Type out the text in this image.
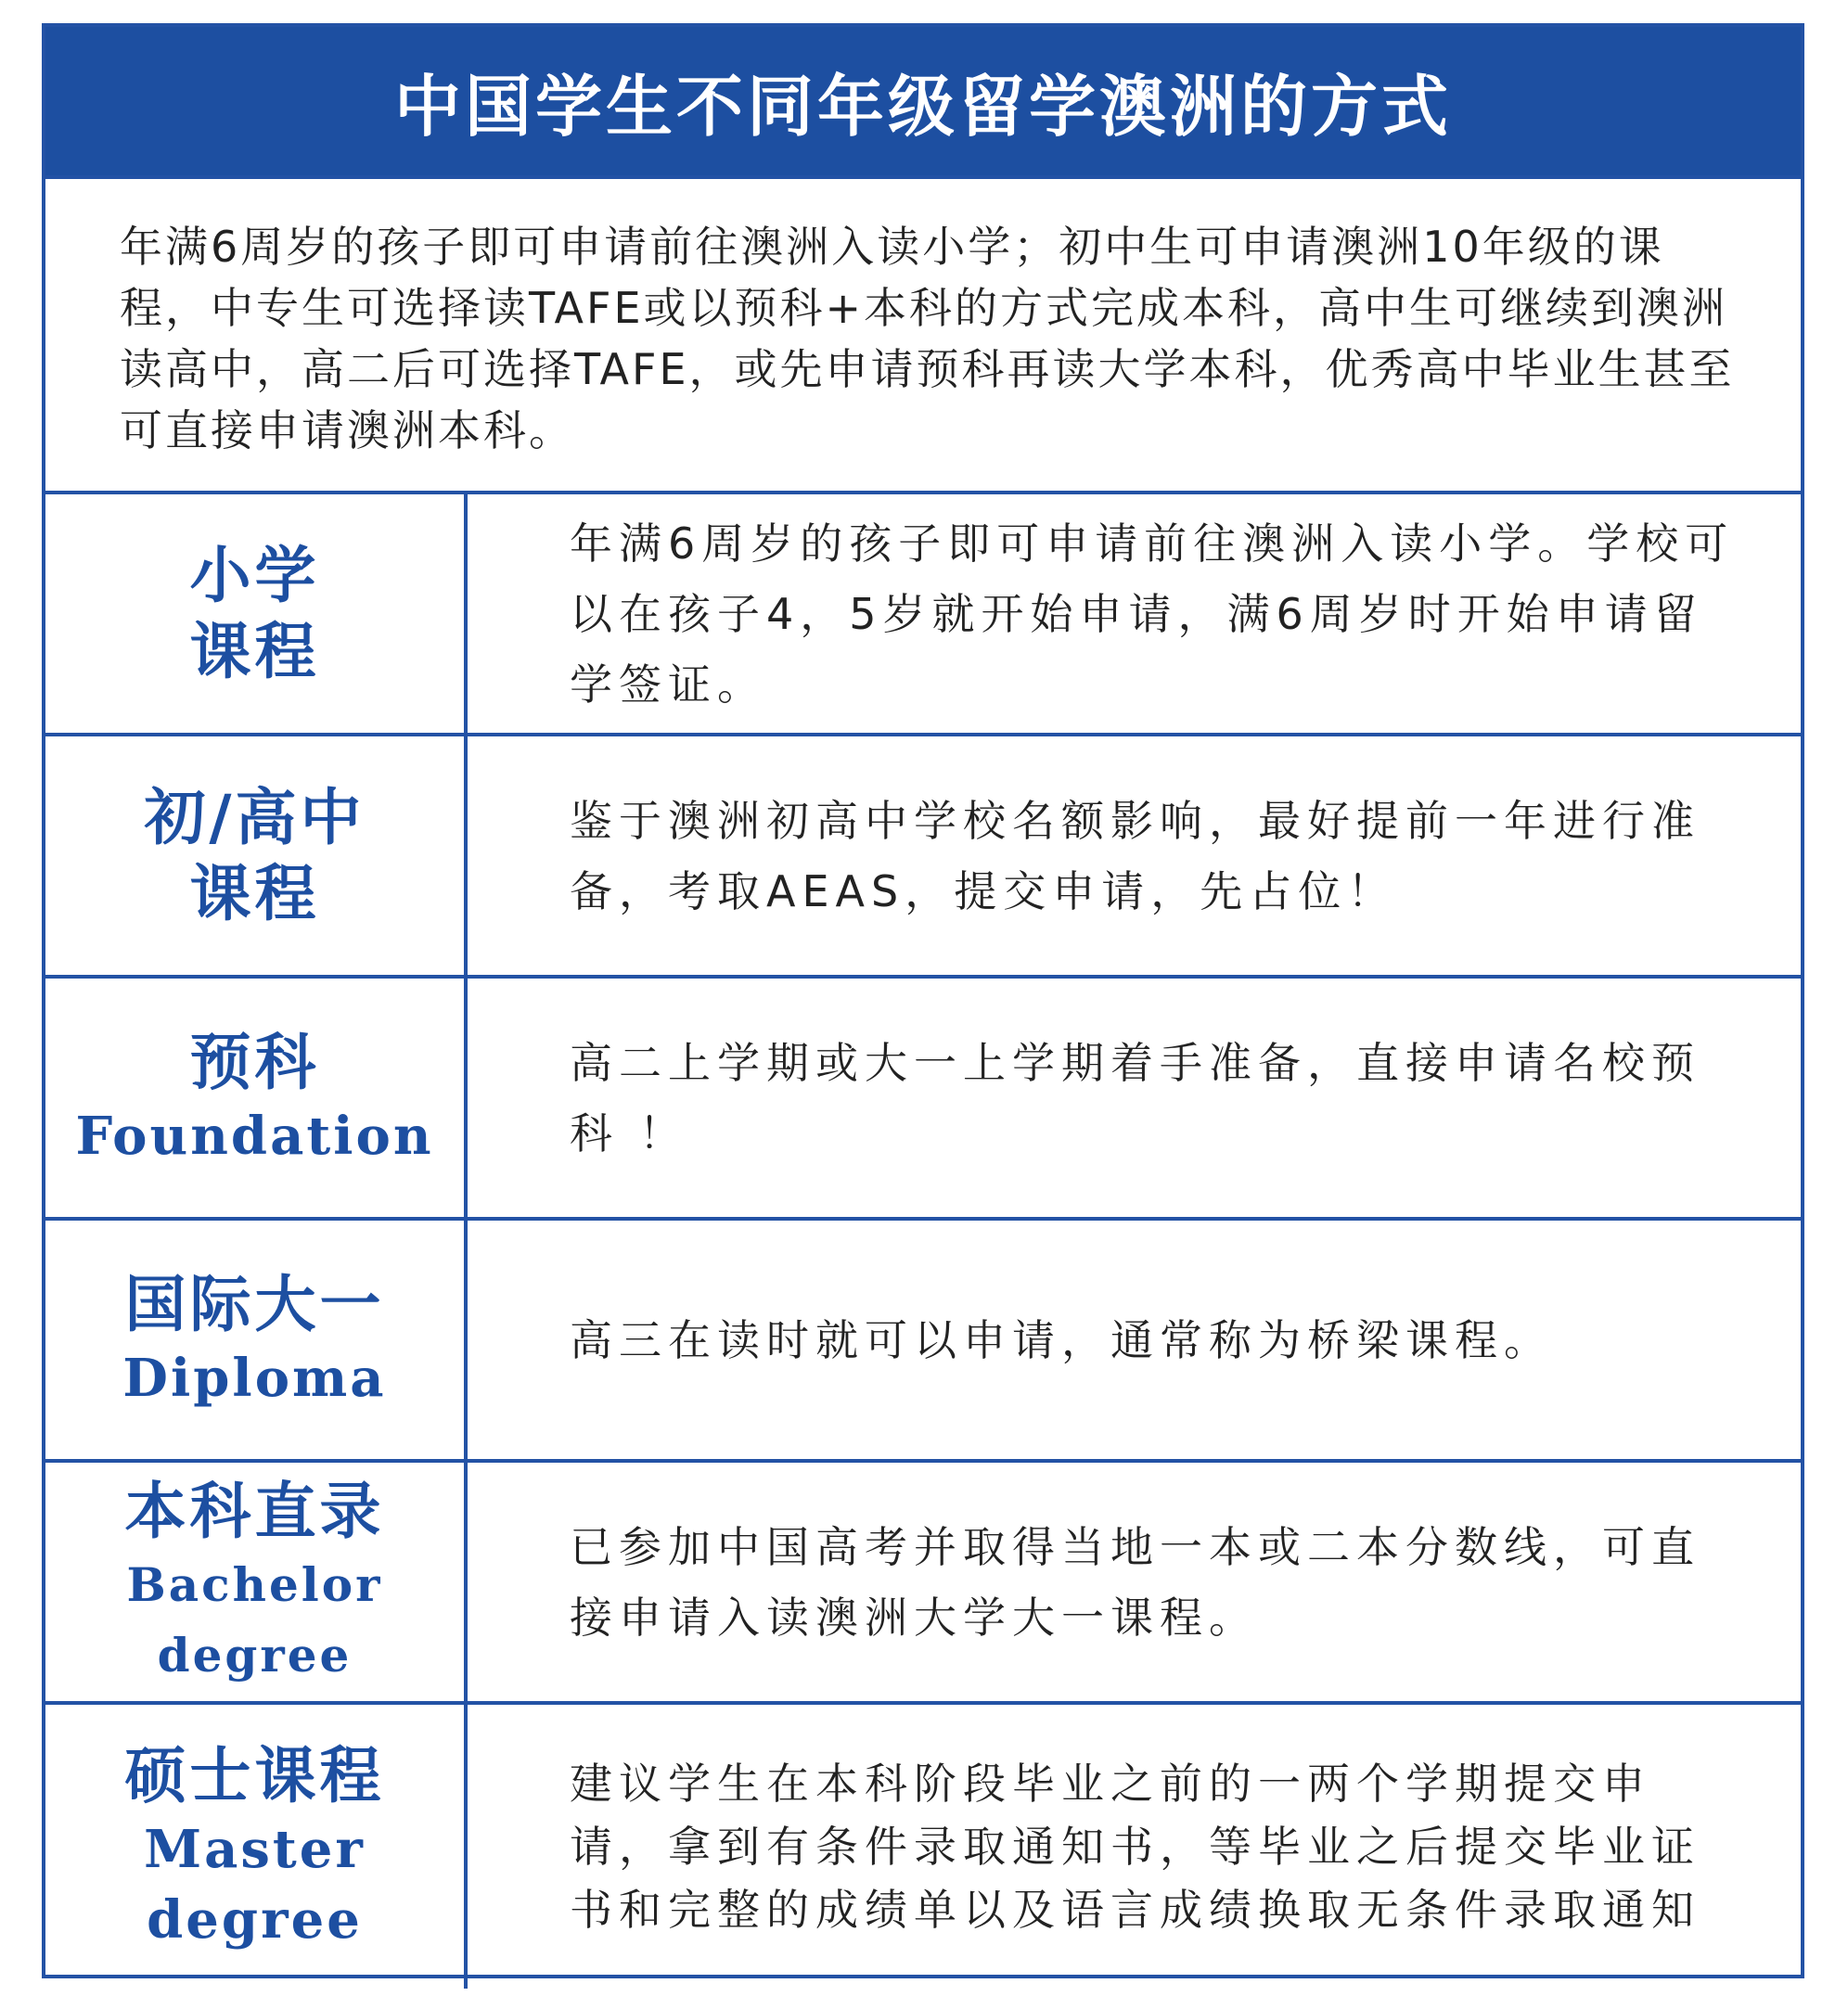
中国学生不同年级留学澳洲的方式
年满6周岁的孩子即可申请前往澳洲入读小学；初中生可申请澳洲10年级的课程，中专生可选择读TAFE或以预科+本科的方式完成本科，高中生可继续到澳洲读高中，高二后可选择TAFE，或先申请预科再读大学本科，优秀高中毕业生甚至可直接申请澳洲本科。
小学
课程
年满6周岁的孩子即可申请前往澳洲入读小学。学校可以在孩子4，5岁就开始申请，满6周岁时开始申请留学签证。
初/高中
课程
鉴于澳洲初高中学校名额影响，最好提前一年进行准备，考取AEAS，提交申请，先占位！
预科
Foundation
高二上学期或大一上学期着手准备，直接申请名校预科 ！
国际大一
Diploma
高三在读时就可以申请，通常称为桥梁课程。
本科直录
Bachelor degree
已参加中国高考并取得当地一本或二本分数线，可直接申请入读澳洲大学大一课程。
硕士课程
Master degree
建议学生在本科阶段毕业之前的一两个学期提交申请，拿到有条件录取通知书，等毕业之后提交毕业证书和完整的成绩单以及语言成绩换取无条件录取通知
